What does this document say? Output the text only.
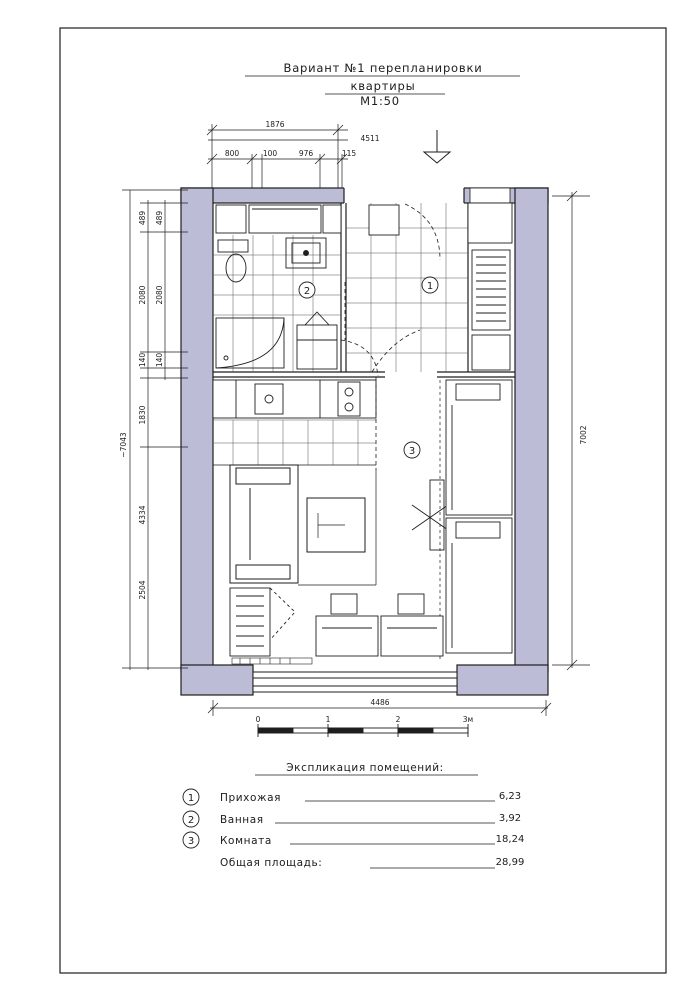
Вариант №1 перепланировки
квартиры
М1:50
1876
4511
800	100	976	115
1
2
3
489 489
2080 2080
140 140
1830
4334
2504
~7043	7002
4486
0	1	2	3м
Экспликация помещений:
1 Прихожая	6,23
2 Ванная	3,92
3 Комната	18,24
Общая площадь:	28,99
